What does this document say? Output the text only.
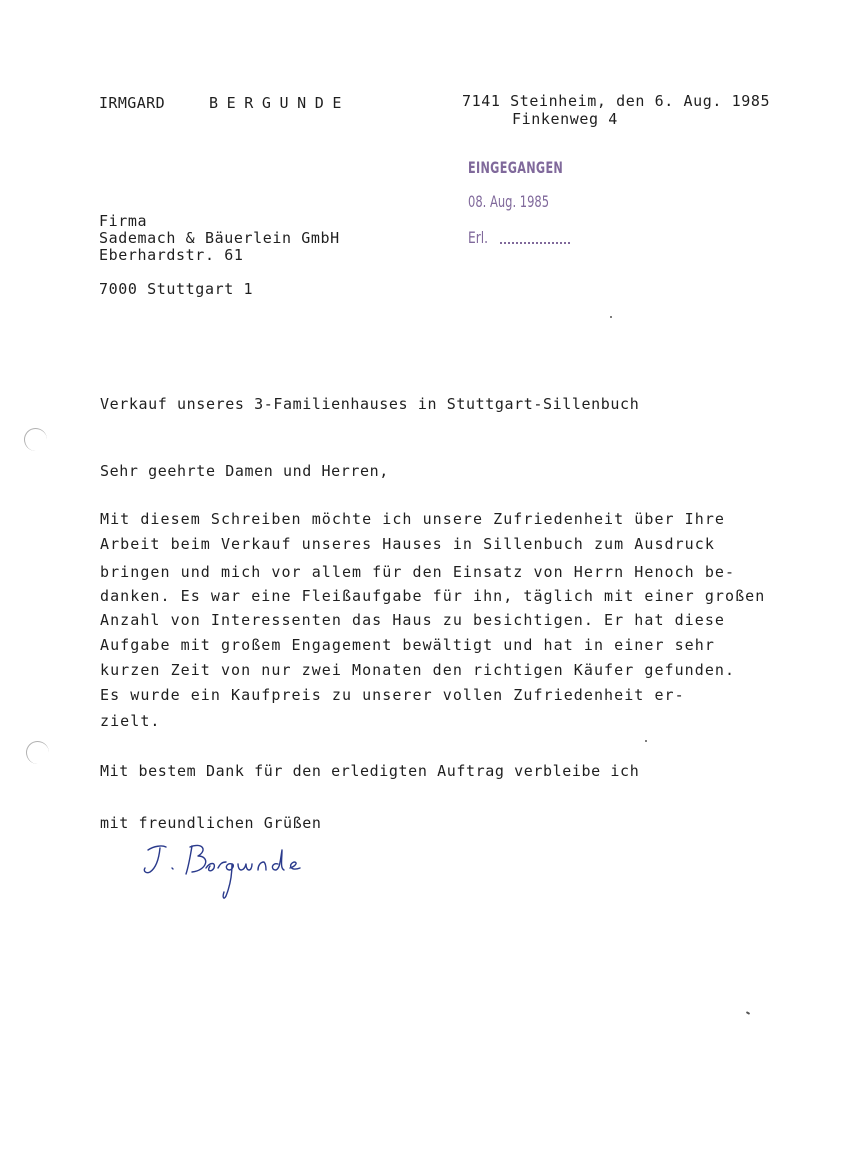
IRMGARD	BERGUNDE	7141 Steinheim, den 6. Aug. 1985
Finkenweg 4
EINGEGANGEN
08. Aug. 1985
Erl.
Firma
Sademach & Bäuerlein GmbH
Eberhardstr. 61
7000 Stuttgart 1
Verkauf unseres 3-Familienhauses in Stuttgart-Sillenbuch
Sehr geehrte Damen und Herren,
Mit diesem Schreiben möchte ich unsere Zufriedenheit über Ihre
Arbeit beim Verkauf unseres Hauses in Sillenbuch zum Ausdruck
bringen und mich vor allem für den Einsatz von Herrn Henoch be-
danken. Es war eine Fleißaufgabe für ihn, täglich mit einer großen
Anzahl von Interessenten das Haus zu besichtigen. Er hat diese
Aufgabe mit großem Engagement bewältigt und hat in einer sehr
kurzen Zeit von nur zwei Monaten den richtigen Käufer gefunden.
Es wurde ein Kaufpreis zu unserer vollen Zufriedenheit er-
zielt.
Mit bestem Dank für den erledigten Auftrag verbleibe ich
mit freundlichen Grüßen
